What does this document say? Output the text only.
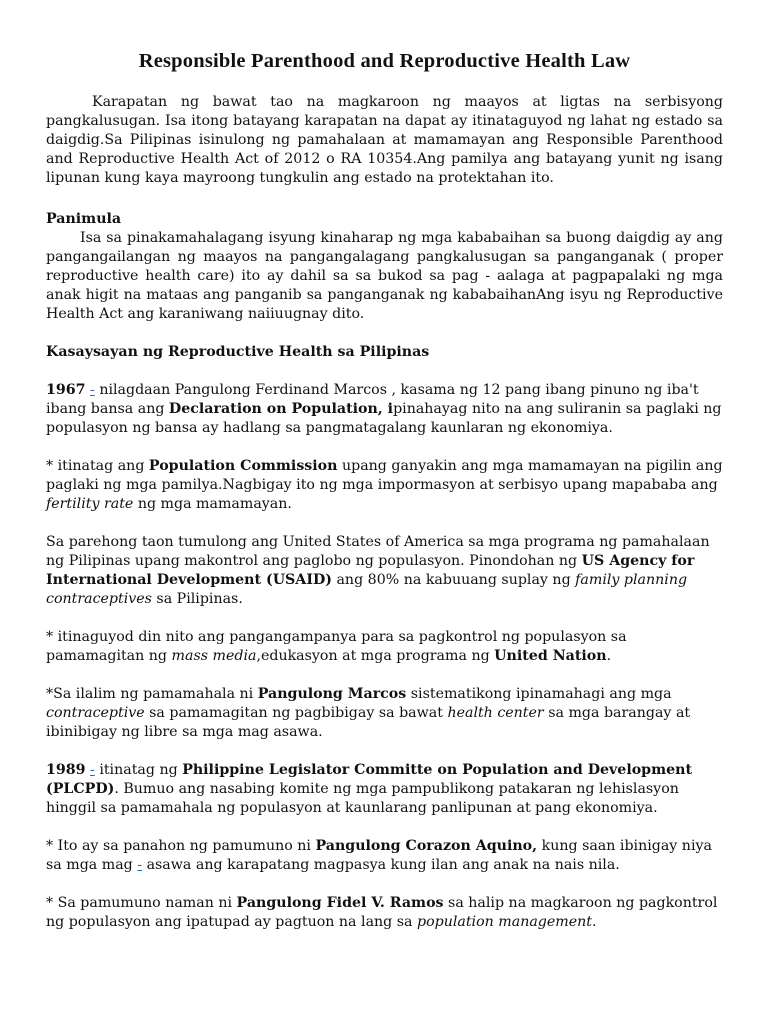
Responsible Parenthood and Reproductive Health Law

Karapatan ng bawat tao na magkaroon ng maayos at ligtas na serbisyong pangkalusugan. Isa itong batayang karapatan na dapat ay itinataguyod ng lahat ng estado sa daigdig.Sa Pilipinas isinulong ng pamahalaan at mamamayan ang Responsible Parenthood and Reproductive Health Act of 2012 o RA 10354.Ang pamilya ang batayang yunit ng isang lipunan kung kaya mayroong tungkulin ang estado na protektahan ito.

Panimula

Isa sa pinakamahalagang isyung kinaharap ng mga kababaihan sa buong daigdig ay ang pangangailangan ng maayos na pangangalagang pangkalusugan sa panganganak ( proper reproductive health care) ito ay dahil sa sa bukod sa pag - aalaga at pagpapalaki ng mga anak higit na mataas ang panganib sa panganganak ng kababaihanAng isyu ng Reproductive Health Act ang karaniwang naiiuugnay dito.

Kasaysayan ng Reproductive Health sa Pilipinas

1967 - nilagdaan Pangulong Ferdinand Marcos , kasama ng 12 pang ibang pinuno ng iba't ibang bansa ang Declaration on Population, ipinahayag nito na ang suliranin sa paglaki ng populasyon ng bansa ay hadlang sa pangmatagalang kaunlaran ng ekonomiya.

* itinatag ang Population Commission upang ganyakin ang mga mamamayan na pigilin ang paglaki ng mga pamilya.Nagbigay ito ng mga impormasyon at serbisyo upang mapababa ang fertility rate ng mga mamamayan.

Sa parehong taon tumulong ang United States of America sa mga programa ng pamahalaan ng Pilipinas upang makontrol ang paglobo ng populasyon. Pinondohan ng US Agency for International Development (USAID) ang 80% na kabuuang suplay ng family planning contraceptives sa Pilipinas.

* itinaguyod din nito ang pangangampanya para sa pagkontrol ng populasyon sa pamamagitan ng mass media,edukasyon at mga programa ng United Nation.

*Sa ilalim ng pamamahala ni Pangulong Marcos sistematikong ipinamahagi ang mga contraceptive sa pamamagitan ng pagbibigay sa bawat health center sa mga barangay at ibinibigay ng libre sa mga mag asawa.

1989 - itinatag ng Philippine Legislator Committe on Population and Development (PLCPD). Bumuo ang nasabing komite ng mga pampublikong patakaran ng lehislasyon hinggil sa pamamahala ng populasyon at kaunlarang panlipunan at pang ekonomiya.

* Ito ay sa panahon ng pamumuno ni Pangulong Corazon Aquino, kung saan ibinigay niya sa mga mag - asawa ang karapatang magpasya kung ilan ang anak na nais nila.

* Sa pamumuno naman ni Pangulong Fidel V. Ramos sa halip na magkaroon ng pagkontrol ng populasyon ang ipatupad ay pagtuon na lang sa population management.
